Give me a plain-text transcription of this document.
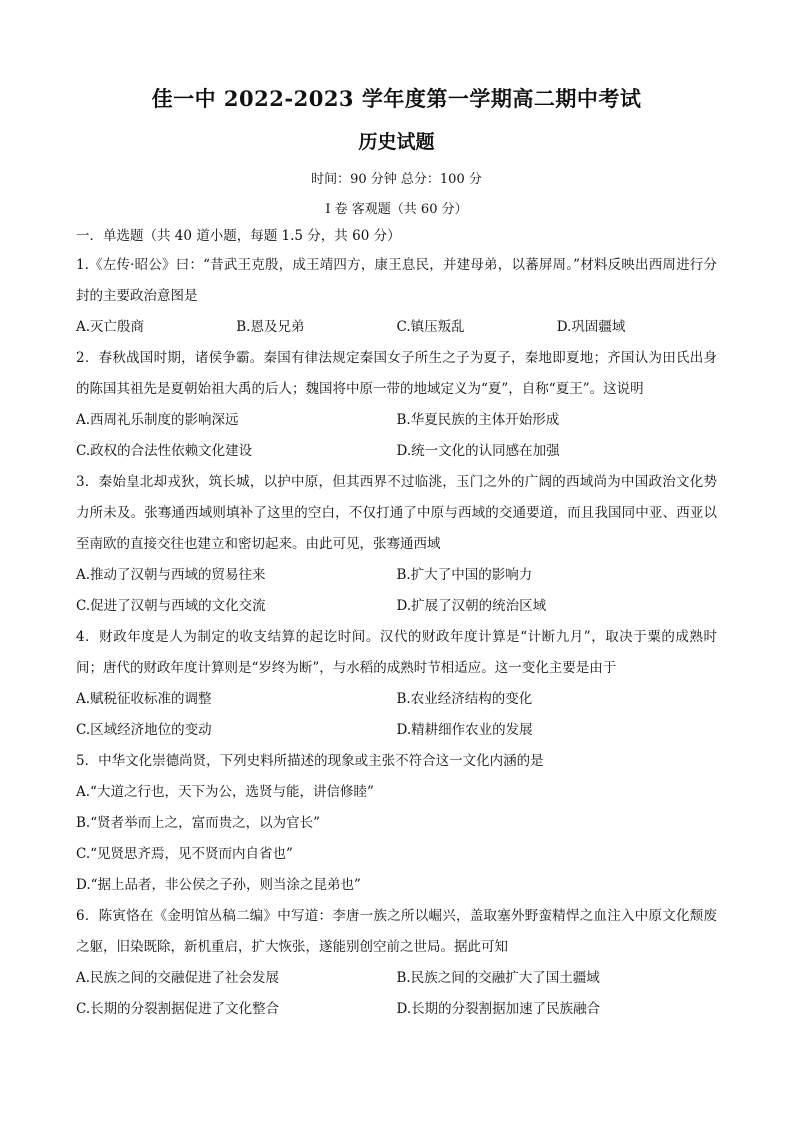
佳一中 2022-2023 学年度第一学期高二期中考试
历史试题
时间：90 分钟 总分：100 分
I 卷 客观题（共 60 分）
一．单选题（共 40 道小题，每题 1.5 分，共 60 分）
1.《左传·昭公》曰：“昔武王克殷，成王靖四方，康王息民，并建母弟，以蕃屏周。”材料反映出西周进行分封的主要政治意图是
A.灭亡殷商	B.恩及兄弟	C.镇压叛乱	D.巩固疆域
2．春秋战国时期，诸侯争霸。秦国有律法规定秦国女子所生之子为夏子，秦地即夏地；齐国认为田氏出身的陈国其祖先是夏朝始祖大禹的后人；魏国将中原一带的地域定义为“夏”，自称“夏王”。这说明
A.西周礼乐制度的影响深远	B.华夏民族的主体开始形成
C.政权的合法性依赖文化建设	D.统一文化的认同感在加强
3．秦始皇北却戎狄，筑长城，以护中原，但其西界不过临洮，玉门之外的广阔的西域尚为中国政治文化势力所未及。张骞通西域则填补了这里的空白，不仅打通了中原与西域的交通要道，而且我国同中亚、西亚以至南欧的直接交往也建立和密切起来。由此可见，张骞通西域
A.推动了汉朝与西域的贸易往来	B.扩大了中国的影响力
C.促进了汉朝与西域的文化交流	D.扩展了汉朝的统治区域
4．财政年度是人为制定的收支结算的起讫时间。汉代的财政年度计算是“计断九月”，取决于粟的成熟时间；唐代的财政年度计算则是“岁终为断”，与水稻的成熟时节相适应。这一变化主要是由于
A.赋税征收标准的调整	B.农业经济结构的变化
C.区域经济地位的变动	D.精耕细作农业的发展
5．中华文化崇德尚贤，下列史料所描述的现象或主张不符合这一文化内涵的是
A.“大道之行也，天下为公，选贤与能，讲信修睦”
B.“贤者举而上之，富而贵之，以为官长”
C.“见贤思齐焉，见不贤而内自省也”
D.“据上品者，非公侯之子孙，则当涂之昆弟也”
6．陈寅恪在《金明馆丛稿二编》中写道：李唐一族之所以崛兴，盖取塞外野蛮精悍之血注入中原文化颓废之躯，旧染既除，新机重启，扩大恢张，遂能别创空前之世局。据此可知
A.民族之间的交融促进了社会发展	B.民族之间的交融扩大了国土疆域
C.长期的分裂割据促进了文化整合	D.长期的分裂割据加速了民族融合
